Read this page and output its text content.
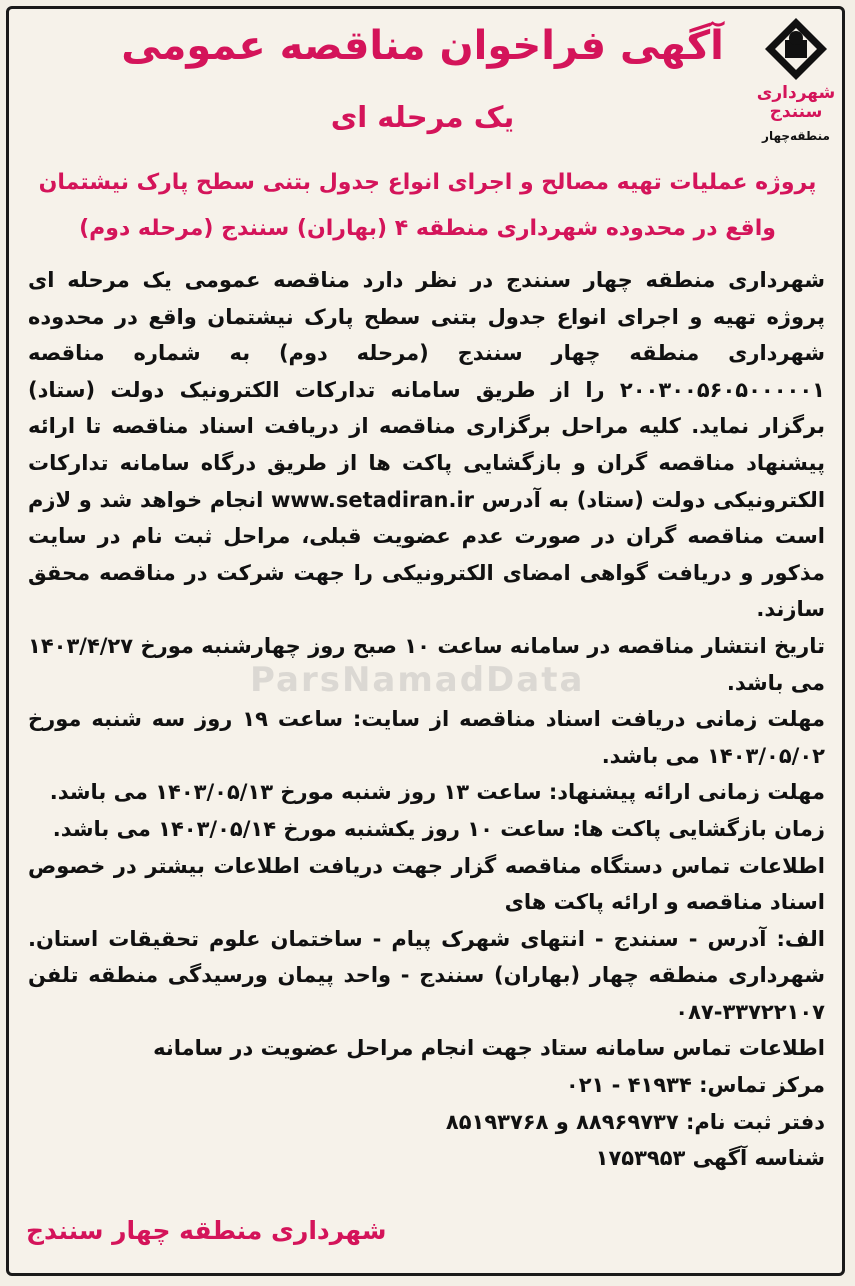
شهرداری سنندج
منطقه‌چهار
آگهی فراخوان مناقصه عمومی
یک مرحله ای
پروژه عملیات تهیه مصالح و اجرای انواع جدول بتنی سطح پارک نیشتمان
واقع در محدوده شهرداری منطقه ۴ (بهاران) سنندج (مرحله دوم)
ParsNamadData

شهرداری منطقه چهار سنندج در نظر دارد مناقصه عمومی یک مرحله ای پروژه تهیه و اجرای انواع جدول بتنی سطح پارک نیشتمان واقع در محدوده شهرداری منطقه چهار سنندج (مرحله دوم) به شماره مناقصه ۲۰۰۳۰۰۵۶۰۵۰۰۰۰۰۱ را از طریق سامانه تدارکات الکترونیک دولت (ستاد) برگزار نماید. کلیه مراحل برگزاری مناقصه از دریافت اسناد مناقصه تا ارائه پیشنهاد مناقصه گران و بازگشایی پاکت ها از طریق درگاه سامانه تدارکات الکترونیکی دولت (ستاد) به آدرس www.setadiran.ir انجام خواهد شد و لازم است مناقصه گران در صورت عدم عضویت قبلی، مراحل ثبت نام در سایت مذکور و دریافت گواهی امضای الکترونیکی را جهت شرکت در مناقصه محقق سازند.

تاریخ انتشار مناقصه در سامانه ساعت ۱۰ صبح روز چهارشنبه مورخ ۱۴۰۳/۴/۲۷ می باشد.

مهلت زمانی دریافت اسناد مناقصه از سایت: ساعت ۱۹ روز سه شنبه مورخ ۱۴۰۳/۰۵/۰۲ می باشد.

مهلت زمانی ارائه پیشنهاد: ساعت ۱۳ روز شنبه مورخ ۱۴۰۳/۰۵/۱۳ می باشد.

زمان بازگشایی پاکت ها: ساعت ۱۰ روز یکشنبه مورخ ۱۴۰۳/۰۵/۱۴ می باشد.

اطلاعات تماس دستگاه مناقصه گزار جهت دریافت اطلاعات بیشتر در خصوص اسناد مناقصه و ارائه پاکت های

الف: آدرس - سنندج - انتهای شهرک پیام - ساختمان علوم تحقیقات استان. شهرداری منطقه چهار (بهاران) سنندج - واحد پیمان ورسیدگی منطقه تلفن ۳۳۷۲۲۱۰۷-۰۸۷

اطلاعات تماس سامانه ستاد جهت انجام مراحل عضویت در سامانه

مرکز تماس: ۴۱۹۳۴ - ۰۲۱

دفتر ثبت نام: ۸۸۹۶۹۷۳۷ و ۸۵۱۹۳۷۶۸

شناسه آگهی ۱۷۵۳۹۵۳

شهرداری منطقه چهار سنندج
